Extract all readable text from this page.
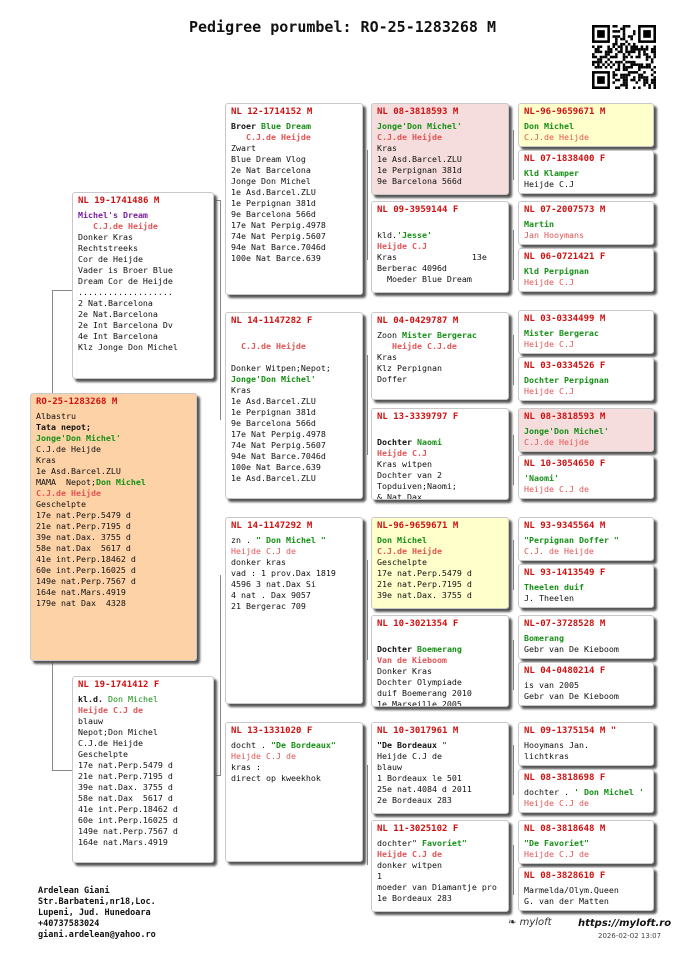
Pedigree porumbel: RO-25-1283268 M
RO-25-1283268 M
Albastru
Tata nepot;
Jonge'Don Michel'
C.J.de Heijde
Kras
1e Asd.Barcel.ZLU
MAMA  Nepot;Don Michel
C.J.de Heijde
Geschelpte
17e nat.Perp.5479 d
21e nat.Perp.7195 d
39e nat.Dax. 3755 d
58e nat.Dax  5617 d
41e int.Perp.18462 d
60e int.Perp.16025 d
149e nat.Perp.7567 d
164e nat.Mars.4919
179e nat Dax  4328
NL 19-1741486 M
Michel's Dream
C.J.de Heijde
Donker Kras
Rechtstreeks
Cor de Heijde
Vader is Broer Blue
Dream Cor de Heijde
...................
2 Nat.Barcelona
2e Nat.Barcelona
2e Int Barcelona Dv
4e Int Barcelona
Klz Jonge Don Michel
NL 19-1741412 F
kl.d. Don Michel
Heijde C.J de
blauw
Nepot;Don Michel
C.J.de Heijde
Geschelpte
17e nat.Perp.5479 d
21e nat.Perp.7195 d
39e nat.Dax. 3755 d
58e nat.Dax  5617 d
41e int.Perp.18462 d
60e int.Perp.16025 d
149e nat.Perp.7567 d
164e nat.Mars.4919
NL 12-1714152 M
Broer Blue Dream
C.J.de Heijde
Zwart
Blue Dream Vlog
2e Nat Barcelona
Jonge Don Michel
1e Asd.Barcel.ZLU
1e Perpignan 381d
9e Barcelona 566d
17e Nat Perpig.4978
74e Nat Perpig.5607
94e Nat Barce.7046d
100e Nat Barce.639
NL 14-1147282 F

C.J.de Heijde

Donker Witpen;Nepot;
Jonge'Don Michel'
Kras
1e Asd.Barcel.ZLU
1e Perpignan 381d
9e Barcelona 566d
17e Nat Perpig.4978
74e Nat Perpig.5607
94e Nat Barce.7046d
100e Nat Barce.639
1e Asd.Barcel.ZLU
NL 14-1147292 M
zn . " Don Michel "
Heijde C.J de
donker kras
vad : 1 prov.Dax 1819
4596 3 nat.Dax Si
4 nat . Dax 9057
21 Bergerac 709
NL 13-1331020 F
docht . "De Bordeaux"
Heijde C.J de
kras :
direct op kweekhok
NL 08-3818593 M
Jonge'Don Michel'
C.J.de Heijde
Kras
1e Asd.Barcel.ZLU
1e Perpignan 381d
9e Barcelona 566d
NL 09-3959144 F

kld.'Jesse'
Heijde C.J
Kras               13e
Berberac 4096d
Moeder Blue Dream
NL 04-0429787 M
Zoon Mister Bergerac
Heijde C.J.de
Kras
Klz Perpignan
Doffer
NL 13-3339797 F

Dochter Naomi
Heijde C.J
Kras witpen
Dochter van 2
Topduiven;Naomi;
& Nat.Dax
NL-96-9659671 M
Don Michel
C.J.de Heijde
Geschelpte
17e nat.Perp.5479 d
21e nat.Perp.7195 d
39e nat.Dax. 3755 d
NL 10-3021354 F

Dochter Boemerang
Van de Kieboom
Donker Kras
Dochter Olympiade
duif Boemerang 2010
1e Marseille 2005
NL 10-3017961 M
"De Bordeaux "
Heijde C.J de
blauw
1 Bordeaux le 501
25e nat.4084 d 2011
2e Bordeaux 283
NL 11-3025102 F
dochter" Favoriet"
Heijde C.J de
donker witpen
1
moeder van Diamantje pro
1e Bordeaux 283
NL-96-9659671 M
Don Michel
C.J.de Heijde
NL 07-1838400 F
Kld Klamper
Heijde C.J
NL 07-2007573 M
Martin
Jan Hooymans
NL 06-0721421 F
Kld Perpignan
Heijde C.J
NL 03-0334499 M
Mister Bergerac
Heijde C.J
NL 03-0334526 F
Dochter Perpignan
Heijde C.J
NL 08-3818593 M
Jonge'Don Michel'
C.J.de Heijde
NL 10-3054650 F
'Naomi'
Heijde C.J de
NL 93-9345564 M
"Perpignan Doffer "
C.J. de Heijde
NL 93-1413549 F
Theelen duif
J. Theelen
NL-07-3728528 M
Bomerang
Gebr van De Kieboom
NL 04-0480214 F
is van 2005
Gebr van De Kieboom
NL 09-1375154 M "
Hooymans Jan.
lichtkras
NL 08-3818698 F
dochter . ' Don Michel '
Heijde C.J de
NL 08-3818648 M
"De Favoriet"
Heijde C.J de
NL 08-3828610 F
Marmelda/Olym.Queen
G. van der Matten
Ardelean Giani
Str.Barbateni,nr18,Loc.
Lupeni, Jud. Hunedoara
+40737583024
giani.ardelean@yahoo.ro
❧ myloft	https://myloft.ro
2026-02-02 13:07
